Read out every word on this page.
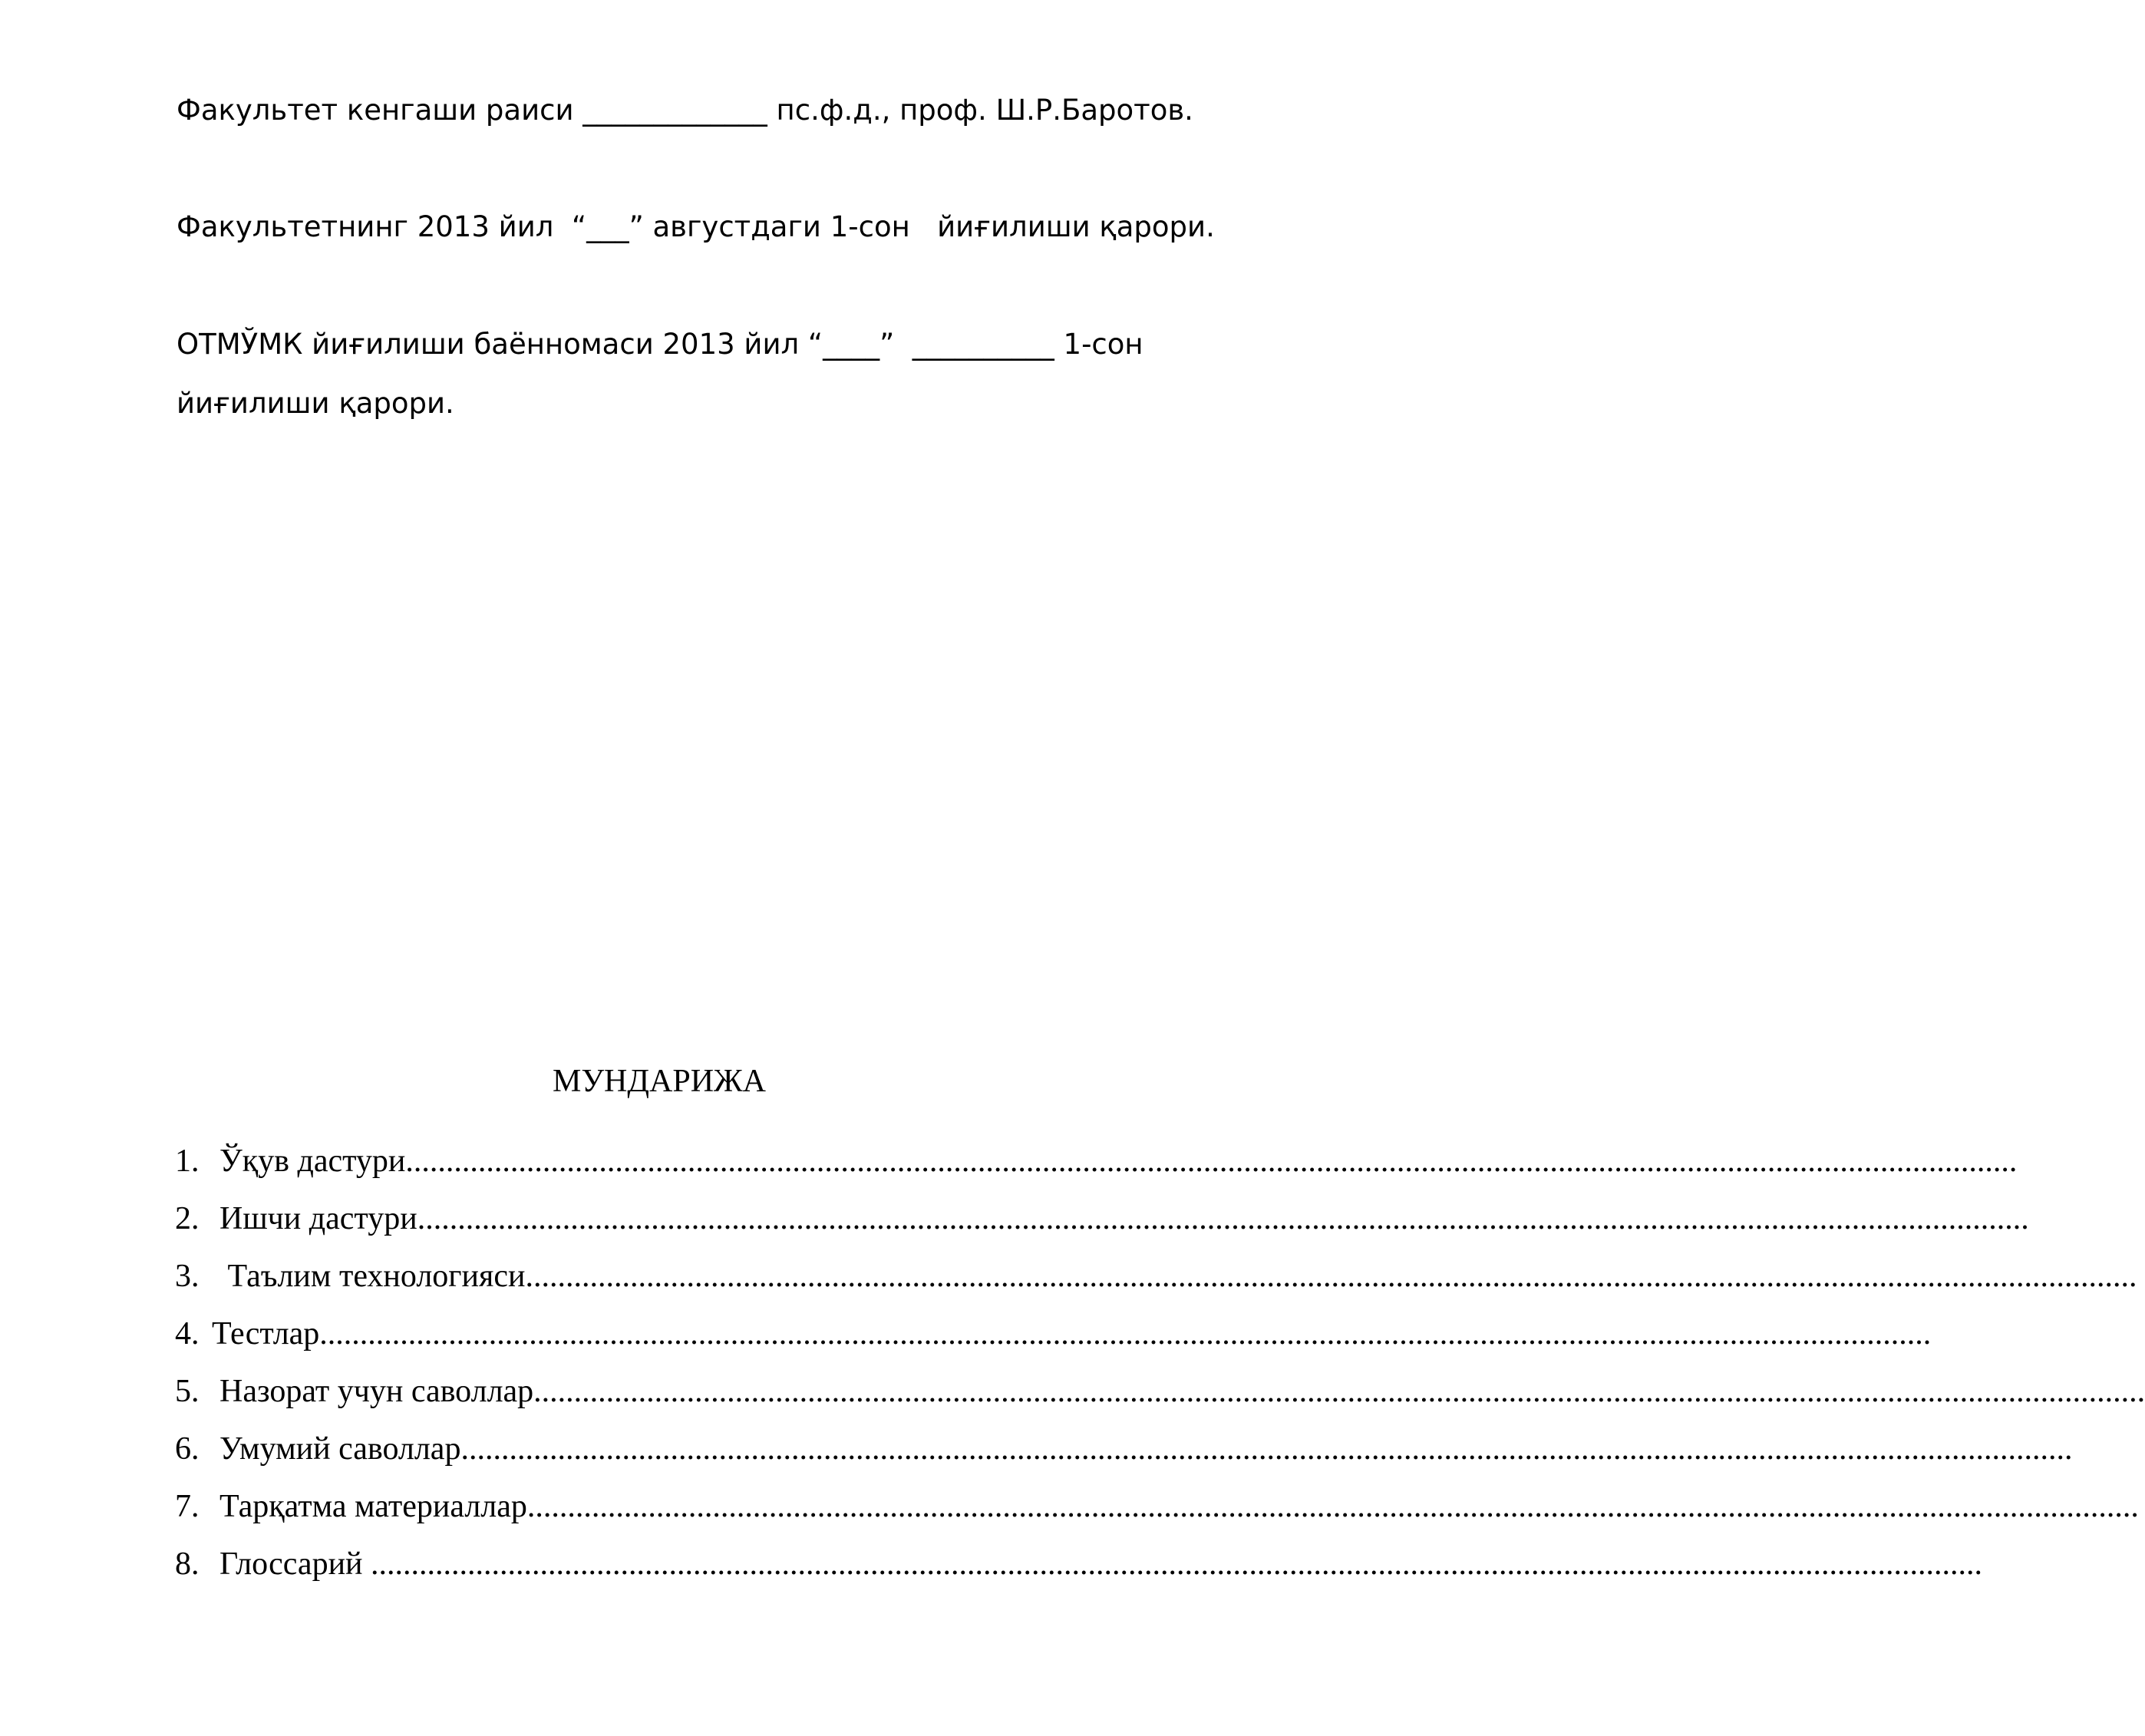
Факультет кенгаши раиси _____________ пс.ф.д., проф. Ш.Р.Баротов.
Факультетнинг 2013 йил  “___” августдаги 1-сон   йиғилиши қарори.
ОТМЎМК йиғилиши баённомаси 2013 йил “____”  __________ 1-сон
йиғилиши қарори.
МУНДАРИЖА
1. Ўқув дастури ........................................................................................................................................................................................................
2. Ишчи дастури ........................................................................................................................................................................................................
3. Таълим технологияси ........................................................................................................................................................................................................
4. Тестлар ........................................................................................................................................................................................................
5. Назорат учун саволлар ........................................................................................................................................................................................................
6. Умумий саволлар ........................................................................................................................................................................................................
7. Тарқатма материаллар ........................................................................................................................................................................................................
8. Глоссарий ........................................................................................................................................................................................................
